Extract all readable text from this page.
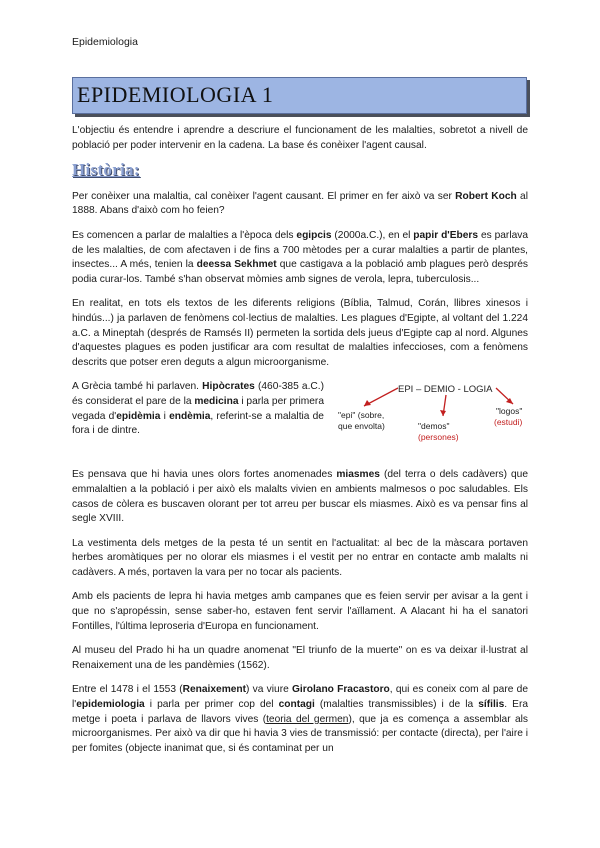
Epidemiologia
EPIDEMIOLOGIA 1

L'objectiu és entendre i aprendre a descriure el funcionament de les malalties, sobretot a nivell de població per poder intervenir en la cadena. La base és conèixer l'agent causal.

Història:

Per conèixer una malaltia, cal conèixer l'agent causant. El primer en fer això va ser Robert Koch al 1888. Abans d'això com ho feien?

Es comencen a parlar de malalties a l'època dels egipcis (2000a.C.), en el papir d'Ebers es parlava de les malalties, de com afectaven i de fins a 700 mètodes per a curar malalties a partir de plantes, insectes... A més, tenien la deessa Sekhmet que castigava a la població amb plagues però després podia curar-los. També s'han observat mòmies amb signes de verola, lepra, tuberculosis...

En realitat, en tots els textos de les diferents religions (Bíblia, Talmud, Corán, llibres xinesos i hindús...) ja parlaven de fenòmens col·lectius de malalties. Les plagues d'Egipte, al voltant del 1.224 a.C. a Mineptah (després de Ramsés II) permeten la sortida dels jueus d'Egipte cap al nord. Algunes d'aquestes plagues es poden justificar ara com resultat de malalties infeccioses, com a fenòmens descrits que potser eren deguts a algun microorganisme.

A Grècia també hi parlaven. Hipòcrates (460-385 a.C.) és considerat el pare de la medicina i parla per primera vegada d'epidèmia i endèmia, referint-se a malaltia de fora i de dintre.

EPI – DEMIO - LOGIA
"epi" (sobre,
que envolta)	"demos"
(persones)
"logos"
(estudi)

Es pensava que hi havia unes olors fortes anomenades miasmes (del terra o dels cadàvers) que emmalaltien a la població i per això els malalts vivien en ambients malmesos o poc saludables. Els casos de còlera es buscaven olorant per tot arreu per buscar els miasmes. Això es va pensar fins al segle XVIII.

La vestimenta dels metges de la pesta té un sentit en l'actualitat: al bec de la màscara portaven herbes aromàtiques per no olorar els miasmes i el vestit per no entrar en contacte amb malalts ni cadàvers. A més, portaven la vara per no tocar als pacients.

Amb els pacients de lepra hi havia metges amb campanes que es feien servir per avisar a la gent i que no s'apropéssin, sense saber-ho, estaven fent servir l'aïllament. A Alacant hi ha el sanatori Fontilles, l'última leproseria d'Europa en funcionament.

Al museu del Prado hi ha un quadre anomenat "El triunfo de la muerte" on es va deixar il·lustrat al Renaixement una de les pandèmies (1562).

Entre el 1478 i el 1553 (Renaixement) va viure Girolano Fracastoro, qui es coneix com al pare de l'epidemiologia i parla per primer cop del contagi (malalties transmissibles) i de la sífilis. Era metge i poeta i parlava de llavors vives (teoria del germen), que ja es comença a assemblar als microorganismes. Per això va dir que hi havia 3 vies de transmissió: per contacte (directa), per l'aire i per fomites (objecte inanimat que, si és contaminat per un
